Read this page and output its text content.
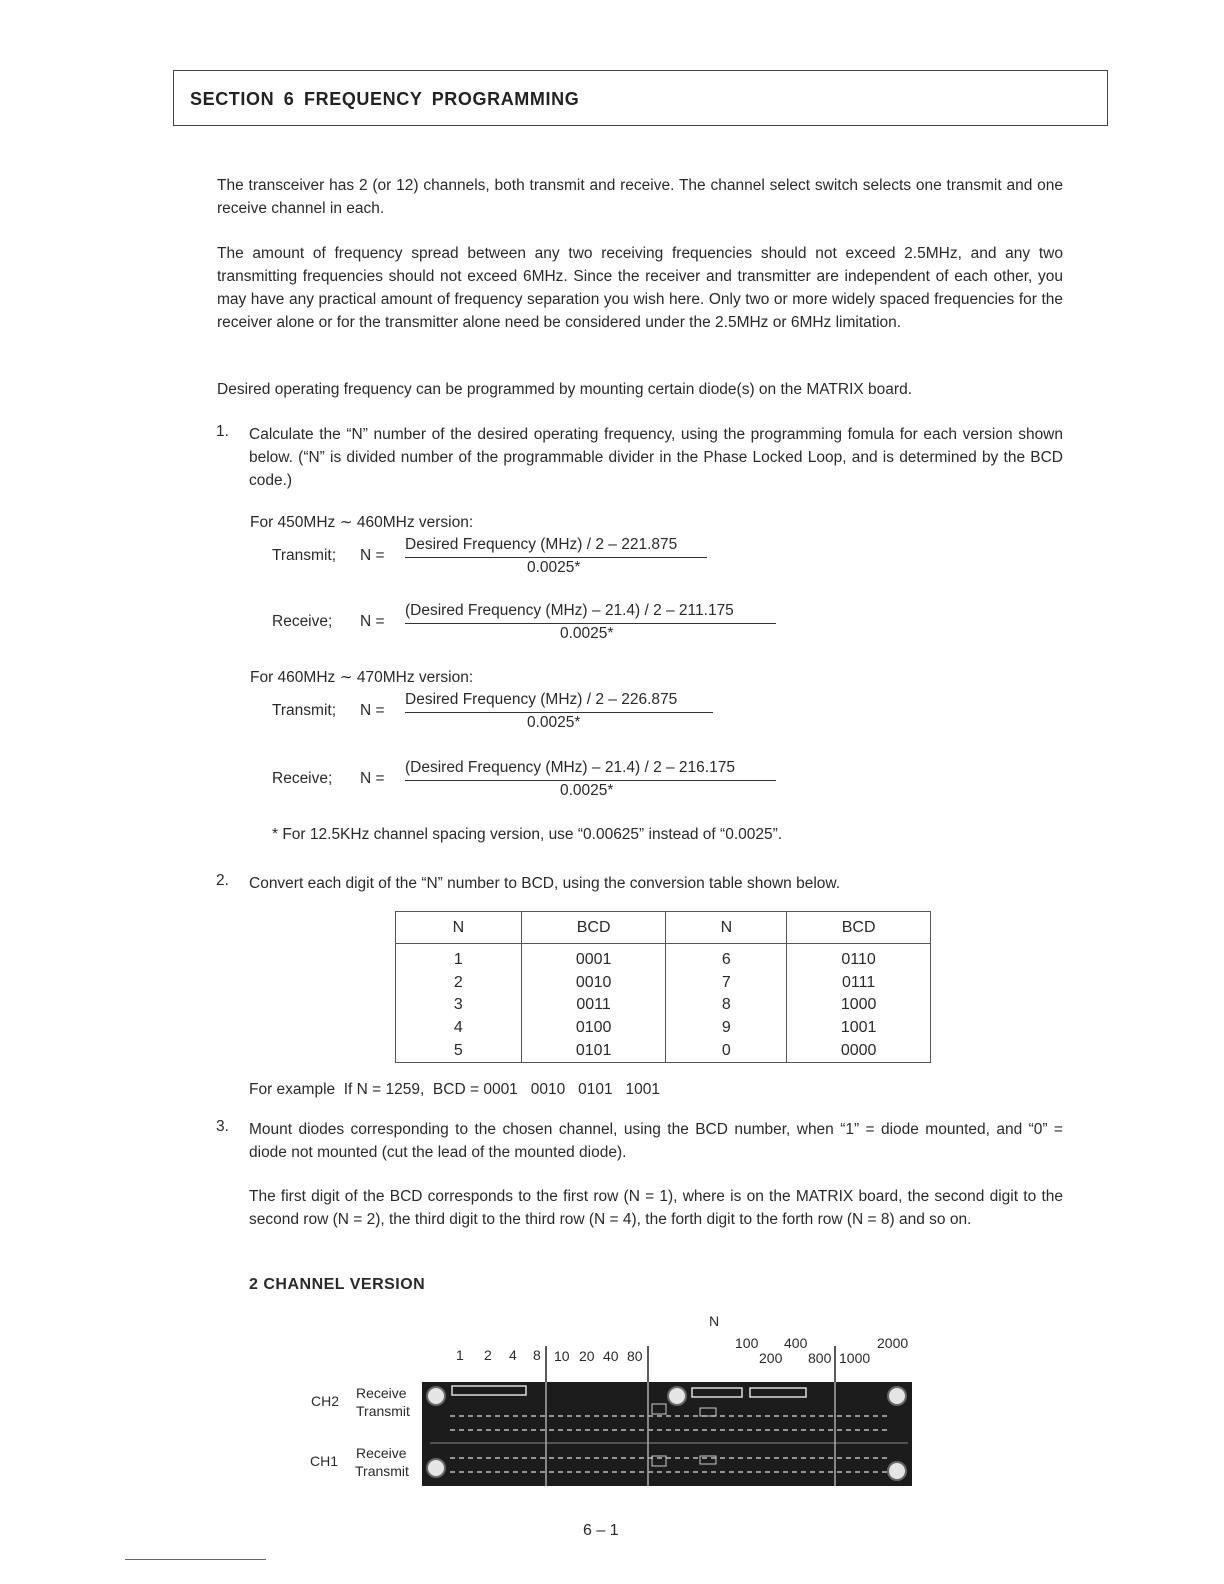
SECTION 6 FREQUENCY PROGRAMMING
The transceiver has 2 (or 12) channels, both transmit and receive. The channel select switch selects one transmit and one receive channel in each.
The amount of frequency spread between any two receiving frequencies should not exceed 2.5MHz, and any two transmitting frequencies should not exceed 6MHz. Since the receiver and transmitter are independent of each other, you may have any practical amount of frequency separation you wish here. Only two or more widely spaced frequencies for the receiver alone or for the transmitter alone need be considered under the 2.5MHz or 6MHz limitation.
Desired operating frequency can be programmed by mounting certain diode(s) on the MATRIX board.
1. Calculate the “N” number of the desired operating frequency, using the programming fomula for each version shown below. (“N” is divided number of the programmable divider in the Phase Locked Loop, and is determined by the BCD code.)
For 450MHz ∼ 460MHz version:
Transmit; N =
Desired Frequency (MHz) / 2 – 221.875
0.0025*
Receive; N =
(Desired Frequency (MHz) – 21.4) / 2 – 211.175
0.0025*
For 460MHz ∼ 470MHz version:
Transmit; N =
Desired Frequency (MHz) / 2 – 226.875
0.0025*
Receive; N =
(Desired Frequency (MHz) – 21.4) / 2 – 216.175
0.0025*
* For 12.5KHz channel spacing version, use “0.00625” instead of “0.0025”.
2. Convert each digit of the “N” number to BCD, using the conversion table shown below.
N	BCD	N	BCD
1	0001	6	0110
2	0010	7	0111
3	0011	8	1000
4	0100	9	1001
5	0101	0	0000
For example  If N = 1259,  BCD = 0001   0010   0101   1001
3. Mount diodes corresponding to the chosen channel, using the BCD number, when “1” = diode mounted, and “0” = diode not mounted (cut the lead of the mounted diode).
The first digit of the BCD corresponds to the first row (N = 1), where is on the MATRIX board, the second digit to the second row (N = 2), the third digit to the third row (N = 4), the forth digit to the forth row (N = 8) and so on.
2 CHANNEL VERSION
N
1 2 4 8 10 20 40 80
100 400	2000
200 800 1000
CH2 Receive
Transmit
CH1 Receive
Transmit
6 – 1
